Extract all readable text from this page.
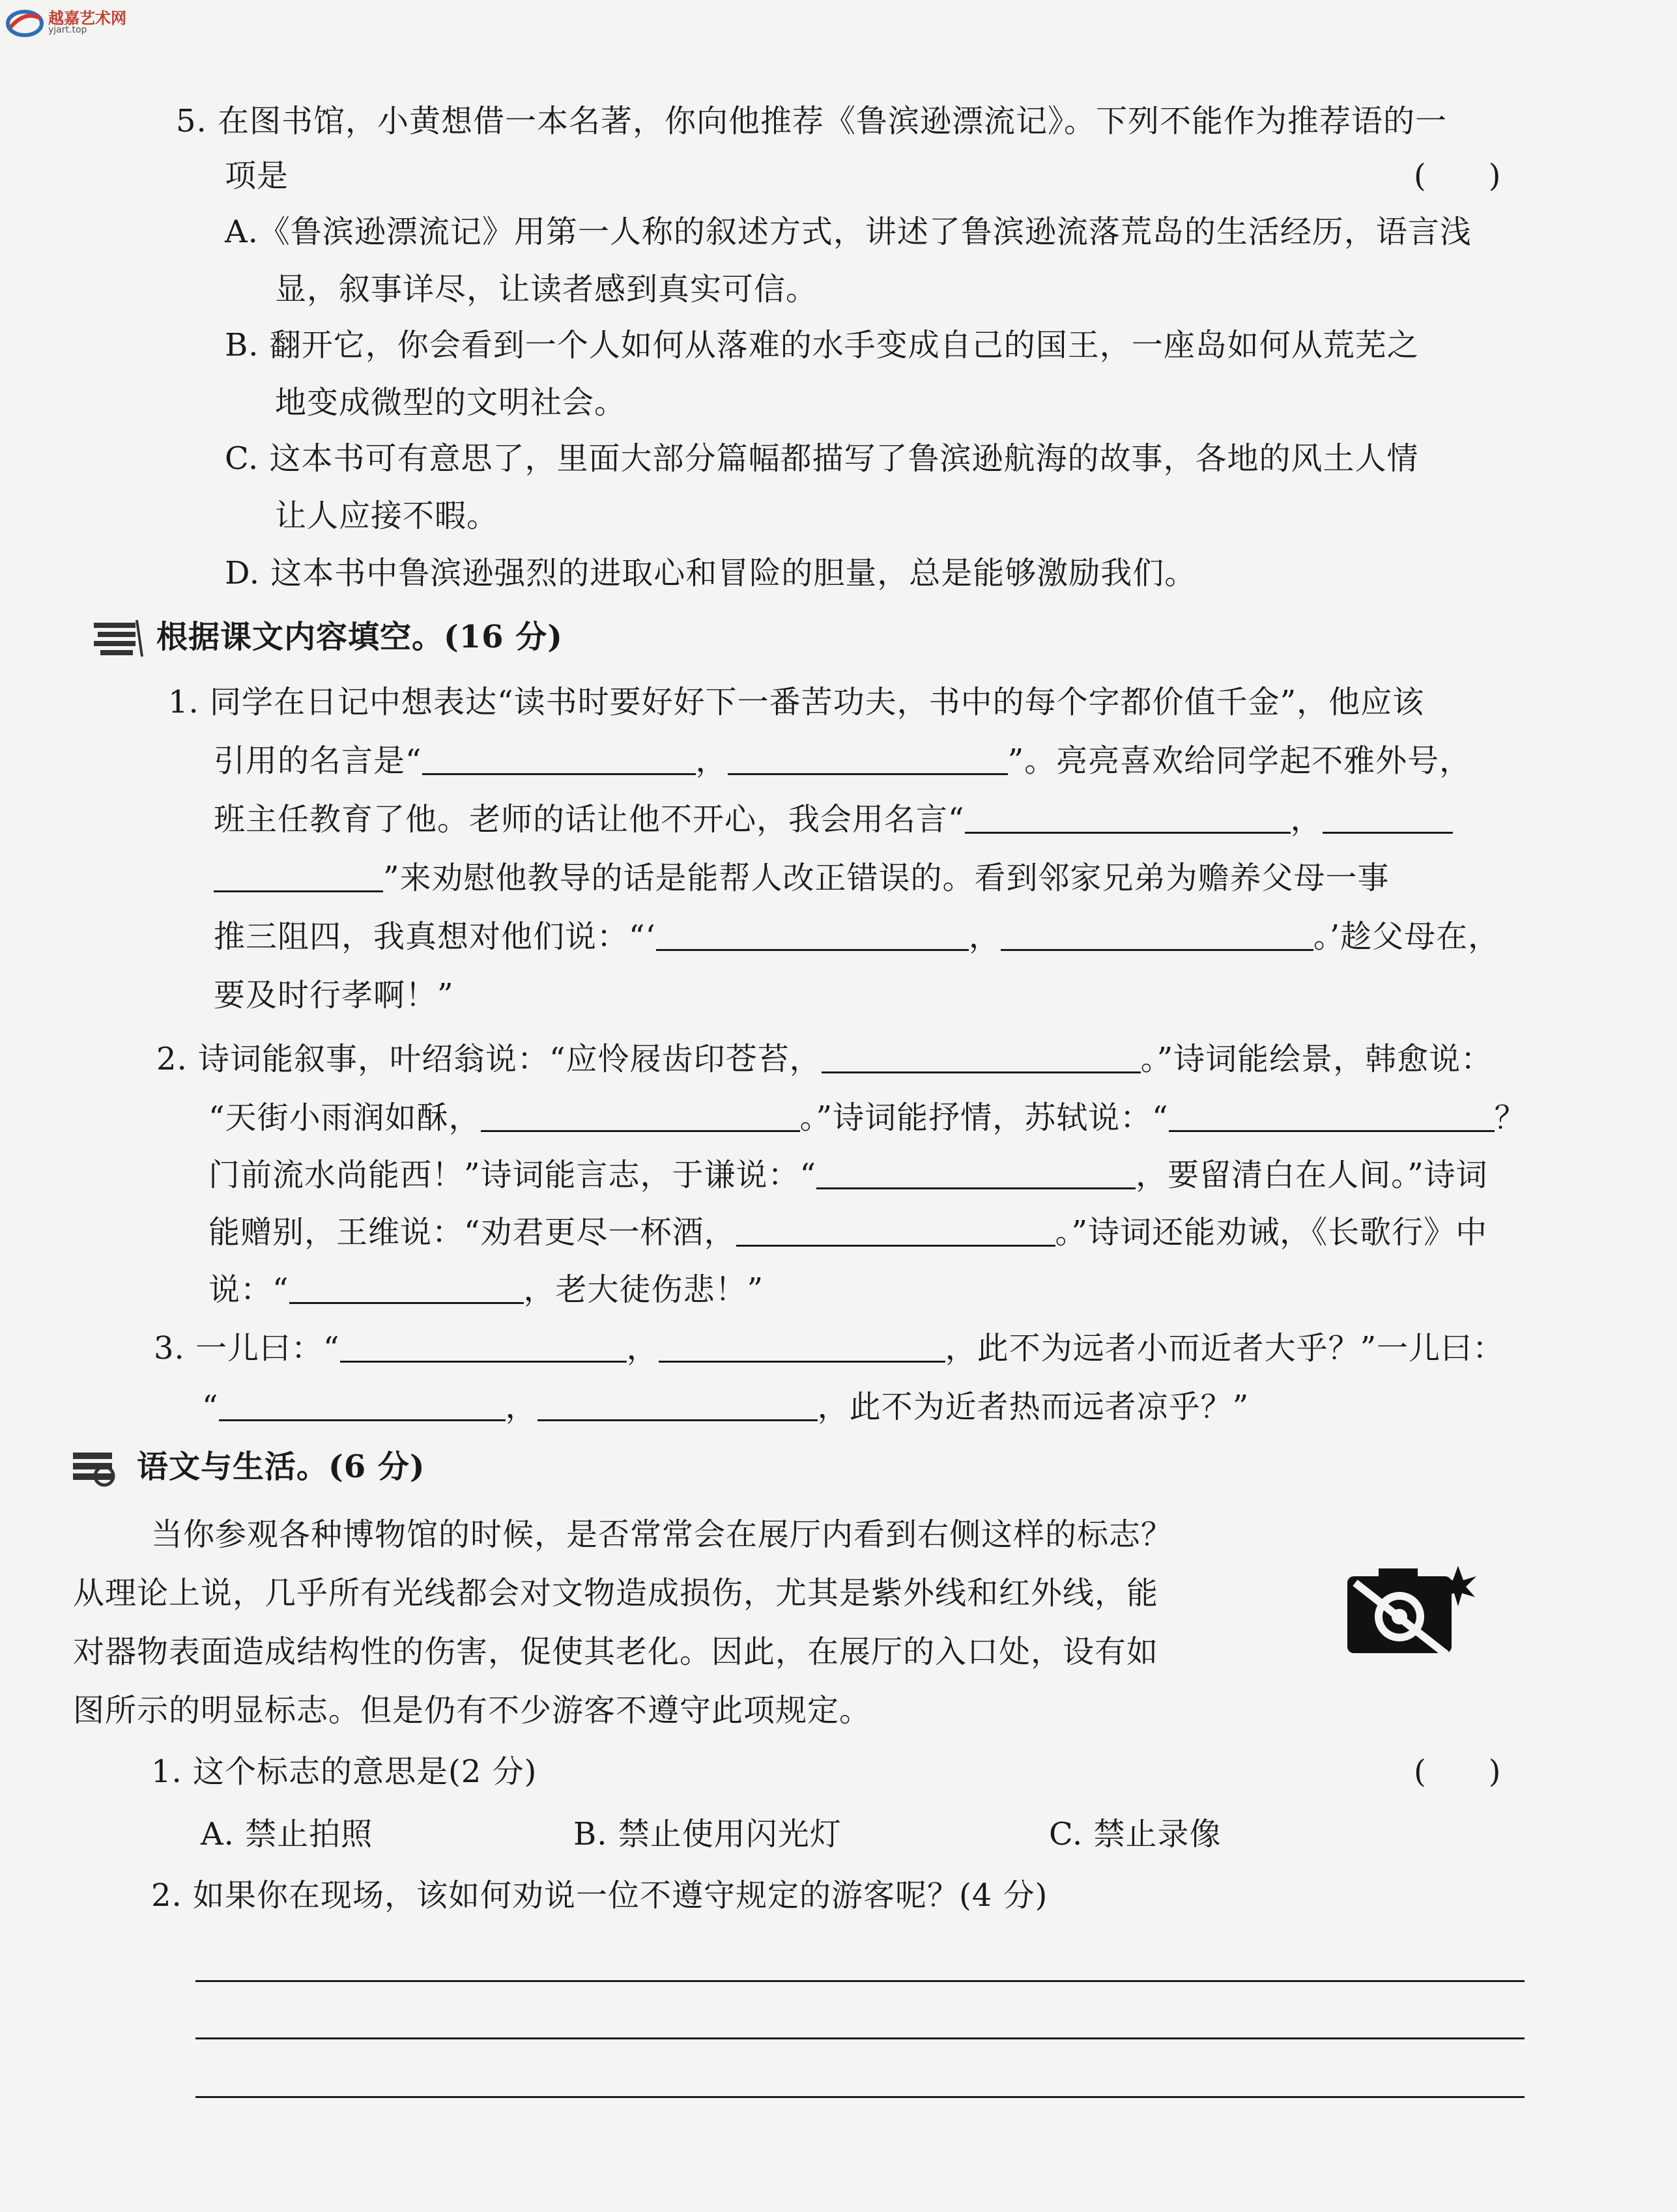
越嘉艺术网
yjart.top
5. 在图书馆，小黄想借一本名著，你向他推荐《鲁滨逊漂流记》。下列不能作为推荐语的一
项是	(　　)
A.《鲁滨逊漂流记》用第一人称的叙述方式，讲述了鲁滨逊流落荒岛的生活经历，语言浅
显，叙事详尽，让读者感到真实可信。
B. 翻开它，你会看到一个人如何从落难的水手变成自己的国王，一座岛如何从荒芜之
地变成微型的文明社会。
C. 这本书可有意思了，里面大部分篇幅都描写了鲁滨逊航海的故事，各地的风土人情
让人应接不暇。
D. 这本书中鲁滨逊强烈的进取心和冒险的胆量，总是能够激励我们。
根据课文内容填空。(16 分)
1. 同学在日记中想表达“读书时要好好下一番苦功夫，书中的每个字都价值千金”，他应该
引用的名言是“	，	”。亮亮喜欢给同学起不雅外号，
班主任教育了他。老师的话让他不开心，我会用名言“	，
”来劝慰他教导的话是能帮人改正错误的。看到邻家兄弟为赡养父母一事
推三阻四，我真想对他们说：“‘	，	。’趁父母在，
要及时行孝啊！”
2. 诗词能叙事，叶绍翁说：“应怜屐齿印苍苔，	。”诗词能绘景，韩愈说：
“天街小雨润如酥，	。”诗词能抒情，苏轼说：“	？
门前流水尚能西！”诗词能言志，于谦说：“	，要留清白在人间。”诗词
能赠别，王维说：“劝君更尽一杯酒，	。”诗词还能劝诫，《长歌行》中
说：“	，老大徒伤悲！”
3. 一儿曰：“	，	，此不为远者小而近者大乎？”一儿曰：
“	，	，此不为近者热而远者凉乎？”
语文与生活。(6 分)
当你参观各种博物馆的时候，是否常常会在展厅内看到右侧这样的标志？
从理论上说，几乎所有光线都会对文物造成损伤，尤其是紫外线和红外线，能
对器物表面造成结构性的伤害，促使其老化。因此，在展厅的入口处，设有如
图所示的明显标志。但是仍有不少游客不遵守此项规定。
1. 这个标志的意思是(2 分)	(　　)
A. 禁止拍照	B. 禁止使用闪光灯	C. 禁止录像
2. 如果你在现场，该如何劝说一位不遵守规定的游客呢？(4 分)
